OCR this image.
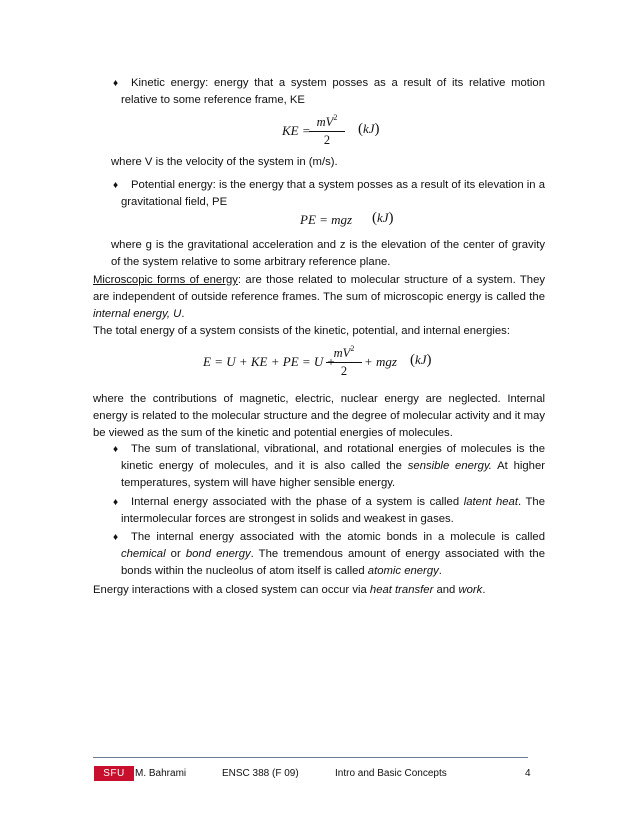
♦	Kinetic energy: energy that a system posses as a result of its relative motion relative to some reference frame, KE
KE =
$\frac{mV^2}{2} (kJ)$
where V is the velocity of the system in (m/s).
♦	Potential energy: is the energy that a system posses as a result of its elevation in a gravitational field, PE
PE = mgz (kJ)
where g is the gravitational acceleration and z is the elevation of the center of gravity of the system relative to some arbitrary reference plane.
Microscopic forms of energy: are those related to molecular structure of a system. They are independent of outside reference frames. The sum of microscopic energy is called the internal energy, U.
The total energy of a system consists of the kinetic, potential, and internal energies:
E = U + KE + PE = U +
$\frac{mV^2}{2}$ + mgz (kJ)
where the contributions of magnetic, electric, nuclear energy are neglected. Internal energy is related to the molecular structure and the degree of molecular activity and it may be viewed as the sum of the kinetic and potential energies of molecules.
♦	The sum of translational, vibrational, and rotational energies of molecules is the kinetic energy of molecules, and it is also called the sensible energy. At higher temperatures, system will have higher sensible energy.
♦	Internal energy associated with the phase of a system is called latent heat. The intermolecular forces are strongest in solids and weakest in gases.
♦	The internal energy associated with the atomic bonds in a molecule is called chemical or bond energy. The tremendous amount of energy associated with the bonds within the nucleolus of atom itself is called atomic energy.
Energy interactions with a closed system can occur via heat transfer and work.
SFU	M. Bahrami	ENSC 388 (F 09)	Intro and Basic Concepts	4
